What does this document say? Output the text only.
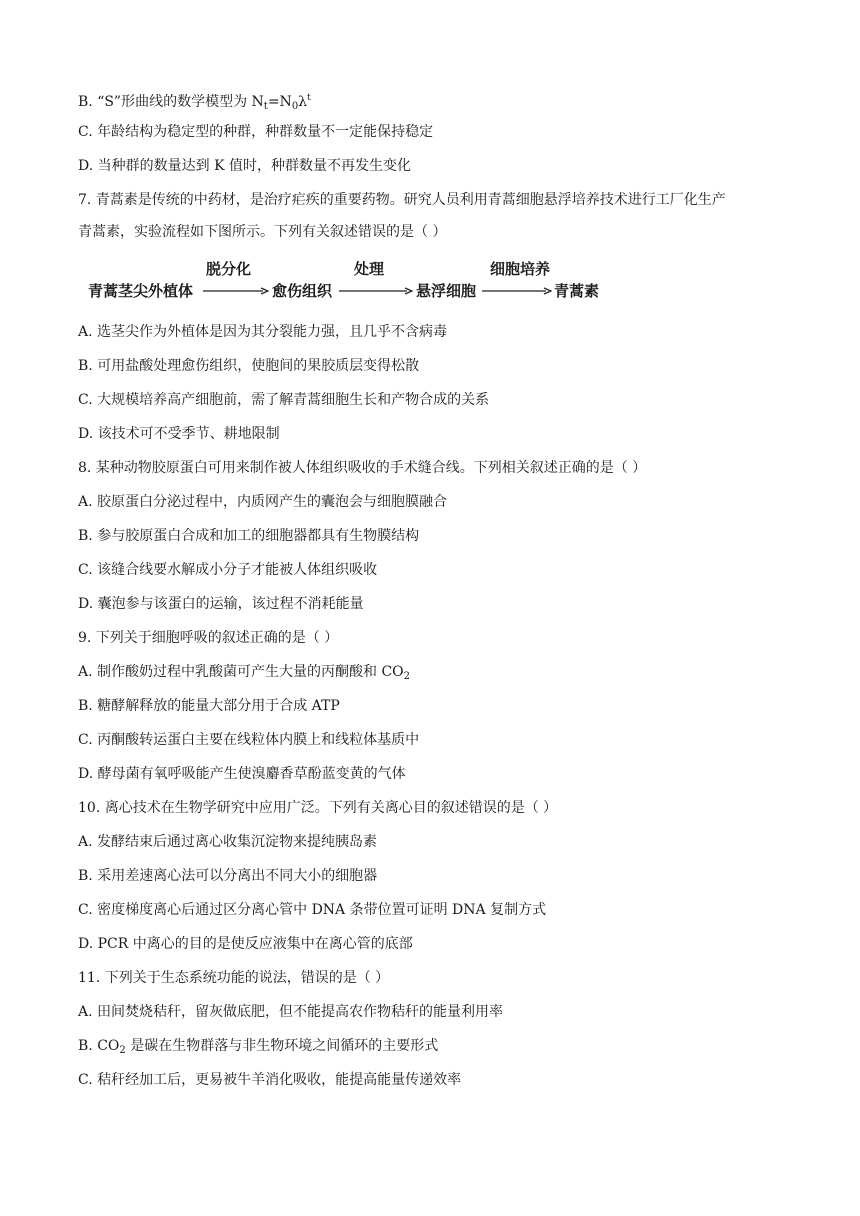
B. “S”形曲线的数学模型为 $N_t=N_0\lambda^t$
C. 年龄结构为稳定型的种群，种群数量不一定能保持稳定
D. 当种群的数量达到 K 值时，种群数量不再发生变化
7. 青蒿素是传统的中药材，是治疗疟疾的重要药物。研究人员利用青蒿细胞悬浮培养技术进行工厂化生产
青蒿素，实验流程如下图所示。下列有关叙述错误的是（ ）
青蒿茎尖外植体
脱分化
愈伤组织
处理
悬浮细胞
细胞培养
青蒿素
A. 选茎尖作为外植体是因为其分裂能力强，且几乎不含病毒
B. 可用盐酸处理愈伤组织，使胞间的果胶质层变得松散
C. 大规模培养高产细胞前，需了解青蒿细胞生长和产物合成的关系
D. 该技术可不受季节、耕地限制
8. 某种动物胶原蛋白可用来制作被人体组织吸收的手术缝合线。下列相关叙述正确的是（ ）
A. 胶原蛋白分泌过程中，内质网产生的囊泡会与细胞膜融合
B. 参与胶原蛋白合成和加工的细胞器都具有生物膜结构
C. 该缝合线要水解成小分子才能被人体组织吸收
D. 囊泡参与该蛋白的运输，该过程不消耗能量
9. 下列关于细胞呼吸的叙述正确的是（ ）
A. 制作酸奶过程中乳酸菌可产生大量的丙酮酸和 $CO_2$
B. 糖酵解释放的能量大部分用于合成 ATP
C. 丙酮酸转运蛋白主要在线粒体内膜上和线粒体基质中
D. 酵母菌有氧呼吸能产生使溴麝香草酚蓝变黄的气体
10. 离心技术在生物学研究中应用广泛。下列有关离心目的叙述错误的是（ ）
A. 发酵结束后通过离心收集沉淀物来提纯胰岛素
B. 采用差速离心法可以分离出不同大小的细胞器
C. 密度梯度离心后通过区分离心管中 DNA 条带位置可证明 DNA 复制方式
D. PCR 中离心的目的是使反应液集中在离心管的底部
11. 下列关于生态系统功能的说法，错误的是（ ）
A. 田间焚烧秸秆，留灰做底肥，但不能提高农作物秸秆的能量利用率
B. $CO_2$ 是碳在生物群落与非生物环境之间循环的主要形式
C. 秸秆经加工后，更易被牛羊消化吸收，能提高能量传递效率
